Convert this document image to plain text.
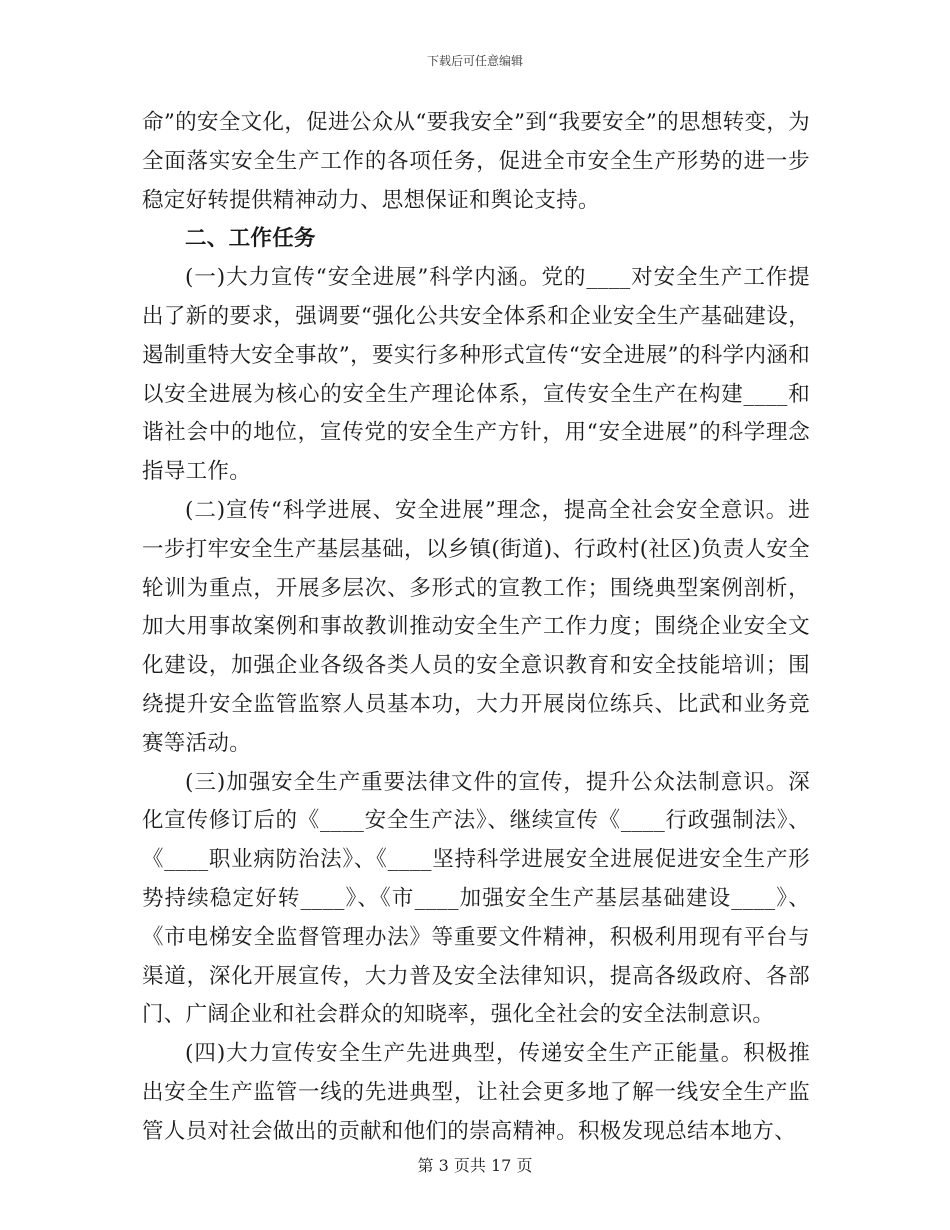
下载后可任意编辑

命”的安全文化，促进公众从“要我安全”到“我要安全”的思想转变，为全面落实安全生产工作的各项任务，促进全市安全生产形势的进一步稳定好转提供精神动力、思想保证和舆论支持。

二、工作任务

(一)大力宣传“安全进展”科学内涵。党的____对安全生产工作提出了新的要求，强调要“强化公共安全体系和企业安全生产基础建设，遏制重特大安全事故”，要实行多种形式宣传“安全进展”的科学内涵和以安全进展为核心的安全生产理论体系，宣传安全生产在构建____和谐社会中的地位，宣传党的安全生产方针，用“安全进展”的科学理念指导工作。

(二)宣传“科学进展、安全进展”理念，提高全社会安全意识。进一步打牢安全生产基层基础，以乡镇(街道)、行政村(社区)负责人安全轮训为重点，开展多层次、多形式的宣教工作；围绕典型案例剖析，加大用事故案例和事故教训推动安全生产工作力度；围绕企业安全文化建设，加强企业各级各类人员的安全意识教育和安全技能培训；围绕提升安全监管监察人员基本功，大力开展岗位练兵、比武和业务竞赛等活动。

(三)加强安全生产重要法律文件的宣传，提升公众法制意识。深化宣传修订后的《____安全生产法》、继续宣传《____行政强制法》、《____职业病防治法》、《____坚持科学进展安全进展促进安全生产形势持续稳定好转____》、《市____加强安全生产基层基础建设____》、《市电梯安全监督管理办法》等重要文件精神，积极利用现有平台与渠道，深化开展宣传，大力普及安全法律知识，提高各级政府、各部门、广阔企业和社会群众的知晓率，强化全社会的安全法制意识。

(四)大力宣传安全生产先进典型，传递安全生产正能量。积极推出安全生产监管一线的先进典型，让社会更多地了解一线安全生产监管人员对社会做出的贡献和他们的崇高精神。积极发现总结本地方、

第 3 页共 17 页
